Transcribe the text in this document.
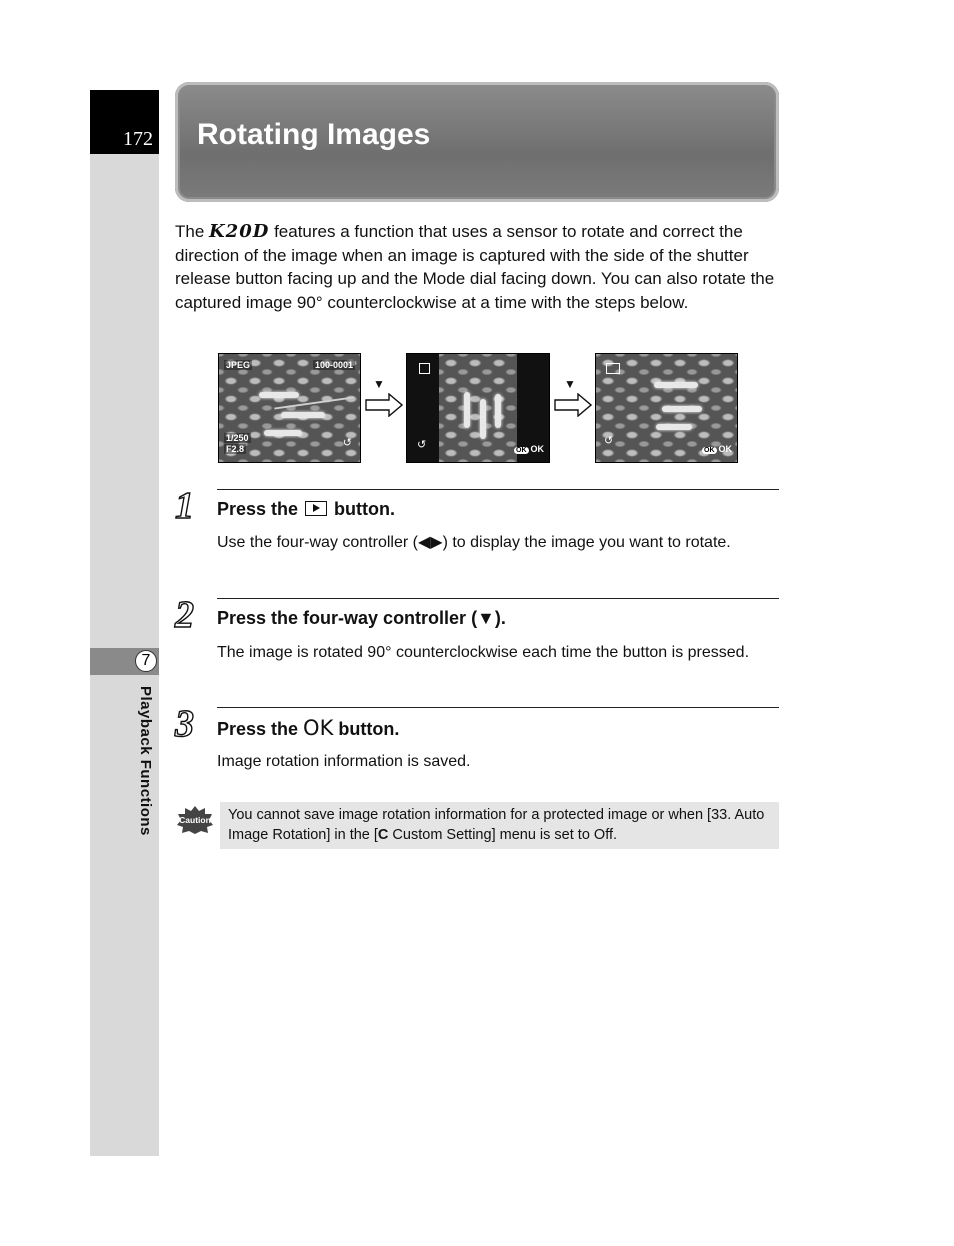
172
7
Playback Functions
Rotating Images
The K20D features a function that uses a sensor to rotate and correct the direction of the image when an image is captured with the side of the shutter release button facing up and the Mode dial facing down. You can also rotate the captured image 90° counterclockwise at a time with the steps below.
JPEG	100-0001
1/250
F2.8	↺
▼
↺	OK OK
▼
↺
OK OK
1 Press the  button.
Use the four-way controller (◀▶) to display the image you want to rotate.
2 Press the four-way controller (▼).
The image is rotated 90° counterclockwise each time the button is pressed.
3 Press the OK button.
Image rotation information is saved.
Caution You cannot save image rotation information for a protected image or when [33. Auto Image Rotation] in the [C Custom Setting] menu is set to Off.
